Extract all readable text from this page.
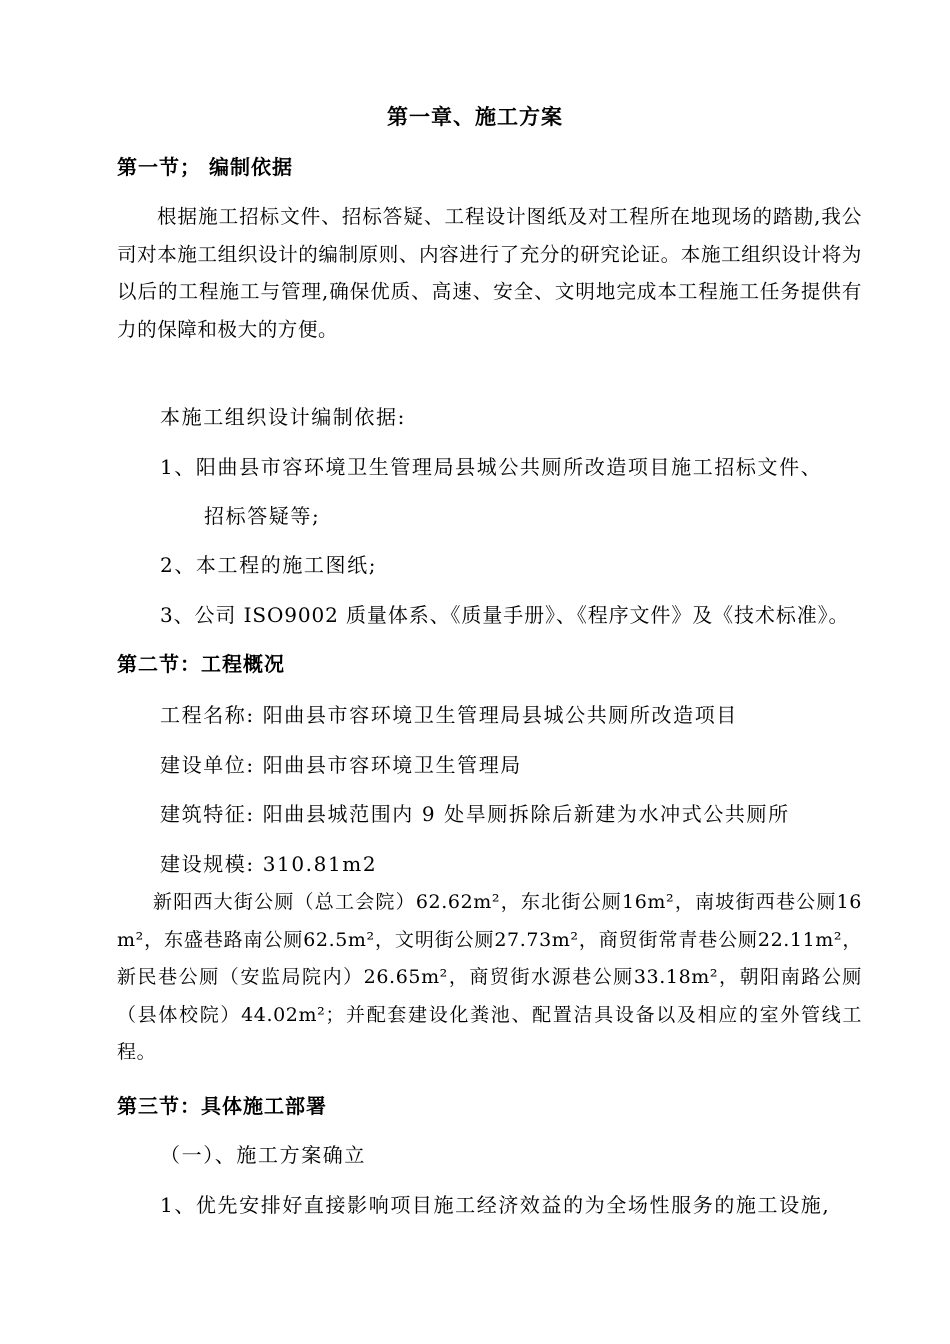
第一章、施工方案
第一节； 编制依据
根据施工招标文件、招标答疑、工程设计图纸及对工程所在地现场的踏勘,我公司对本施工组织设计的编制原则、内容进行了充分的研究论证。本施工组织设计将为以后的工程施工与管理,确保优质、高速、安全、文明地完成本工程施工任务提供有力的保障和极大的方便。
本施工组织设计编制依据:
1、阳曲县市容环境卫生管理局县城公共厕所改造项目施工招标文件、
招标答疑等;
2、本工程的施工图纸;
3、公司 ISO9002 质量体系、《质量手册》、《程序文件》及《技术标准》。
第二节：工程概况
工程名称: 阳曲县市容环境卫生管理局县城公共厕所改造项目
建设单位: 阳曲县市容环境卫生管理局
建筑特征: 阳曲县城范围内 9 处旱厕拆除后新建为水冲式公共厕所
建设规模: 310.81m2
新阳西大街公厕（总工会院）62.62m²，东北街公厕16m²，南坡街西巷公厕16m²，东盛巷路南公厕62.5m²，文明街公厕27.73m²，商贸街常青巷公厕22.11m²，新民巷公厕（安监局院内）26.65m²，商贸街水源巷公厕33.18m²，朝阳南路公厕（县体校院）44.02m²；并配套建设化粪池、配置洁具设备以及相应的室外管线工程。
第三节：具体施工部署
（一）、施工方案确立
1、优先安排好直接影响项目施工经济效益的为全场性服务的施工设施,
